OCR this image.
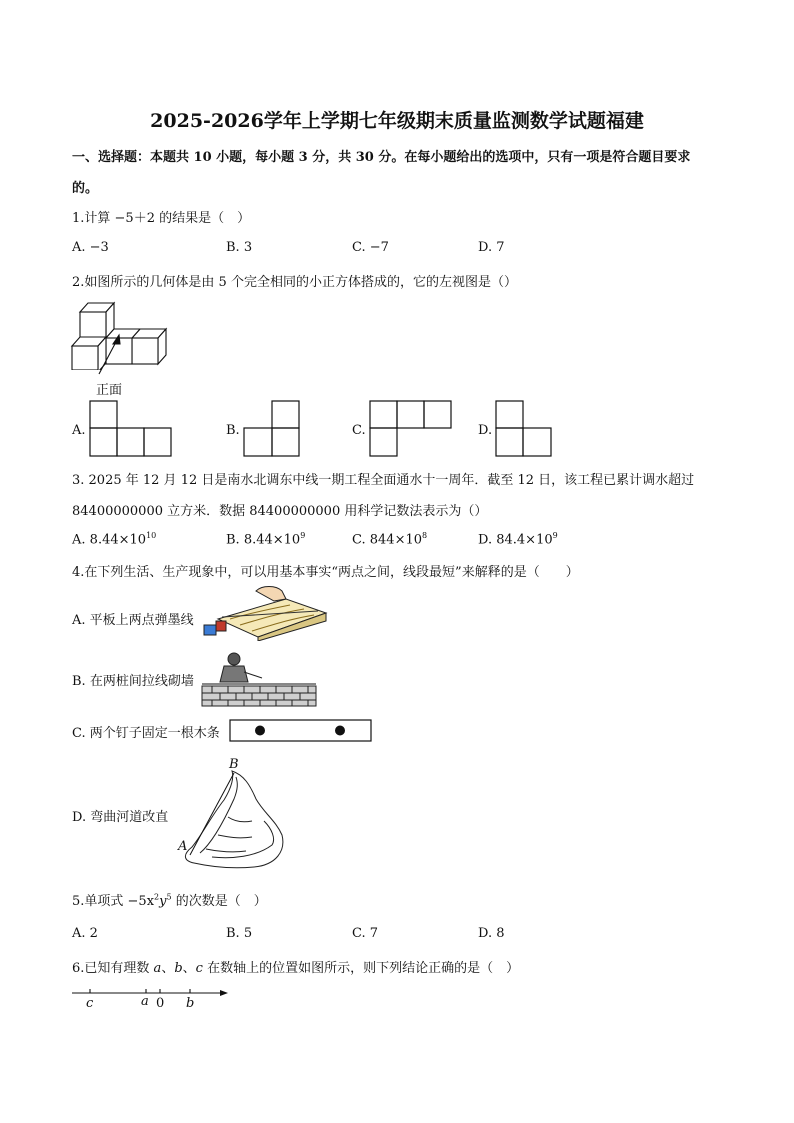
2025-2026学年上学期七年级期末质量监测数学试题福建
一、选择题：本题共 10 小题，每小题 3 分，共 30 分。在每小题给出的选项中，只有一项是符合题目要求
的。
1.计算 −5＋2 的结果是（　）
A. −3	B. 3	C. −7	D. 7
2.如图所示的几何体是由 5 个完全相同的小正方体搭成的，它的左视图是（）
正面
A.	B.	C.	D.
3. 2025 年 12 月 12 日是南水北调东中线一期工程全面通水十一周年．截至 12 日，该工程已累计调水超过
84400000000 立方米．数据 84400000000 用科学记数法表示为（）
A. $8.44\times 10^{10}$	B. $8.44\times 10^9$	C. $844\times 10^8$	D. $84.4\times 10^9$
4.在下列生活、生产现象中，可以用基本事实“两点之间，线段最短”来解释的是（　　）
A. 平板上两点弹墨线
B. 在两桩间拉线砌墙
C. 两个钉子固定一根木条
D. 弯曲河道改直
B
A
5.单项式 $-5x^2y^5$ 的次数是（　）
A. 2	B. 5	C. 7	D. 8
6.已知有理数 a、b、c 在数轴上的位置如图所示，则下列结论正确的是（　）
c	a 0 b
